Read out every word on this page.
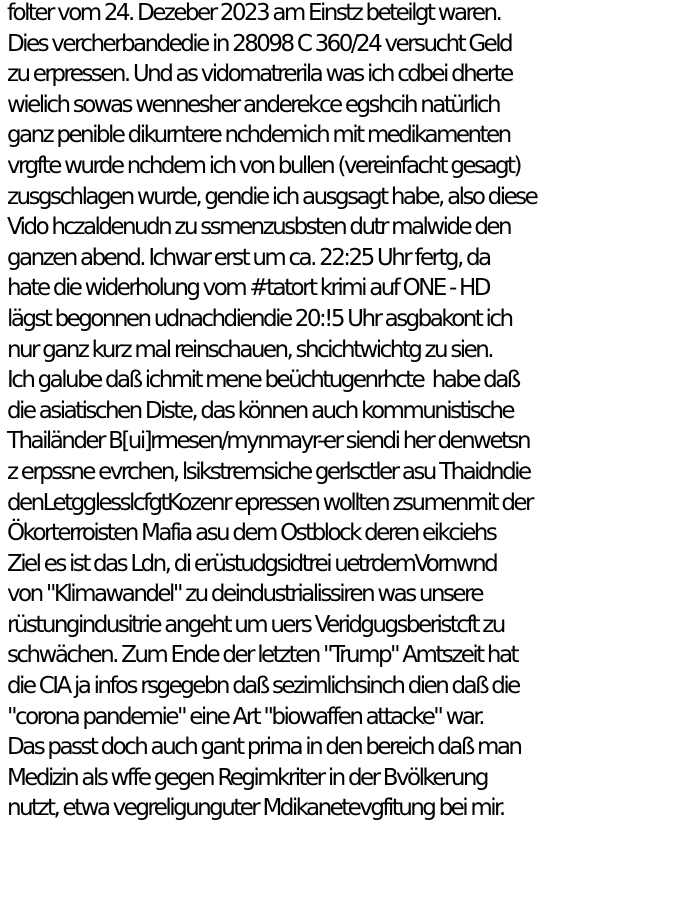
folter vom 24. Dezeber 2023 am Einstz beteilgt waren.
Dies vercherbandedie in 28098 C 360/24 versucht Geld
zu erpressen. Und as vidomatrerila was ich cdbei dherte
wielich sowas wennesher anderekce egshcih natürlich
ganz penible dikurntere nchdemich mit medikamenten
vrgfte wurde nchdem ich von bullen (vereinfacht gesagt)
zusgschlagen wurde, gendie ich ausgsagt habe, also diese
Vido hczaldenudn zu ssmenzusbsten dutr malwide den
ganzen abend. Ichwar erst um ca. 22:25 Uhr fertg, da
hate die widerholung vom #tatort krimi auf ONE - HD
lägst begonnen udnachdiendie 20:!5 Uhr asgbakont ich
nur ganz kurz mal reinschauen, shcichtwichtg zu sien.
Ich galube daß ichmit mene beüchtugenrhcte  habe daß
die asiatischen Diste, das können auch kommunistische
Thailänder B[ui]rmesen/mynmayr-er siendi her denwetsn
z erpssne evrchen, lsikstremsiche gerlsctler asu Thaidndie
denLetgglesslcfgtKozenr epressen wollten zsumenmit der
Ökorterroisten Mafia asu dem Ostblock deren eikciehs
Ziel es ist das Ldn, di erüstudgsidtrei uetrdemVornwnd
von "Klimawandel" zu deindustrialissiren was unsere
rüstungindusitrie angeht um uers Veridgugsberistcft zu
schwächen. Zum Ende der letzten "Trump" Amtszeit hat
die CIA ja infos rsgegebn daß sezimlichsinch dien daß die
"corona pandemie" eine Art "biowaffen attacke" war.
Das passt doch auch gant prima in den bereich daß man
Medizin als wffe gegen Regimkriter in der Bvölkerung
nutzt, etwa vegreligunguter Mdikanetevgfitung bei mir.
